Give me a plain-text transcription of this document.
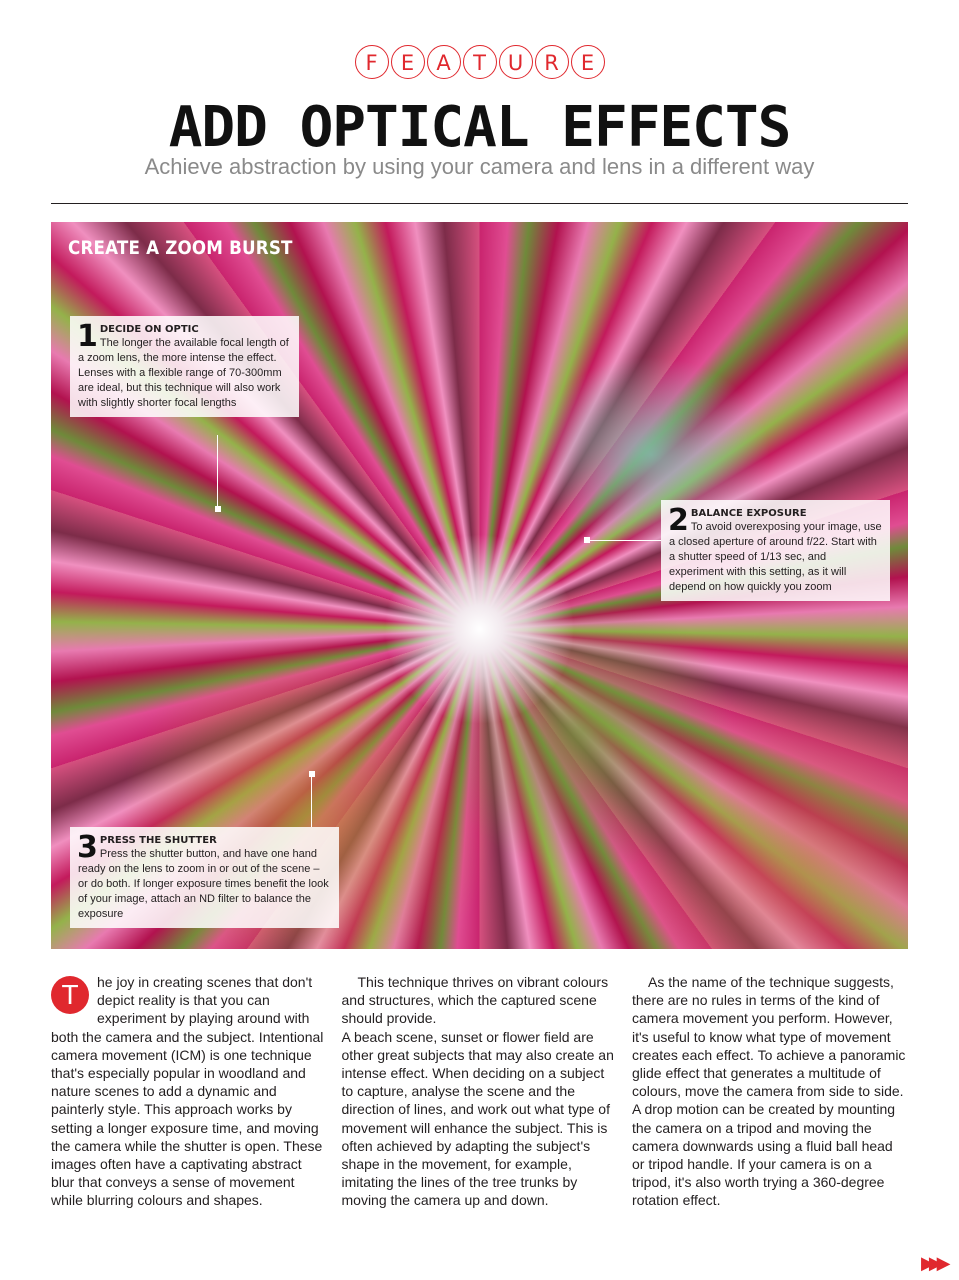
F	E	A	T	U	R	E
ADD OPTICAL EFFECTS

Achieve abstraction by using your camera and lens in a different way

CREATE A ZOOM BURST
1 DECIDE ON OPTIC
The longer the available focal length of a zoom lens, the more intense the effect. Lenses with a flexible range of 70-300mm are ideal, but this technique will also work with slightly shorter focal lengths
2 BALANCE EXPOSURE
To avoid overexposing your image, use a closed aperture of around f/22. Start with a shutter speed of 1/13 sec, and experiment with this setting, as it will depend on how quickly you zoom
3 PRESS THE SHUTTER
Press the shutter button, and have one hand ready on the lens to zoom in or out of the scene – or do both. If longer exposure times benefit the look of your image, attach an ND filter to balance the exposure

T	he joy in creating scenes that don't depict reality is that you can experiment by playing around with both the camera and the subject. Intentional camera movement (ICM) is one technique that's especially popular in woodland and nature scenes to add a dynamic and painterly style. This approach works by setting a longer exposure time, and moving the camera while the shutter is open. These images often have a captivating abstract blur that conveys a sense of movement while blurring colours and shapes.

This technique thrives on vibrant colours and structures, which the captured scene should provide.

A beach scene, sunset or flower field are other great subjects that may also create an intense effect. When deciding on a subject to capture, analyse the scene and the direction of lines, and work out what type of movement will enhance the subject. This is often achieved by adapting the subject's shape in the movement, for example, imitating the lines of the tree trunks by moving the camera up and down.

As the name of the technique suggests, there are no rules in terms of the kind of camera movement you perform. However, it's useful to know what type of movement creates each effect. To achieve a panoramic glide effect that generates a multitude of colours, move the camera from side to side. A drop motion can be created by mounting the camera on a tripod and moving the camera downwards using a fluid ball head or tripod handle. If your camera is on a tripod, it's also worth trying a 360-degree rotation effect.

▶▶▶
